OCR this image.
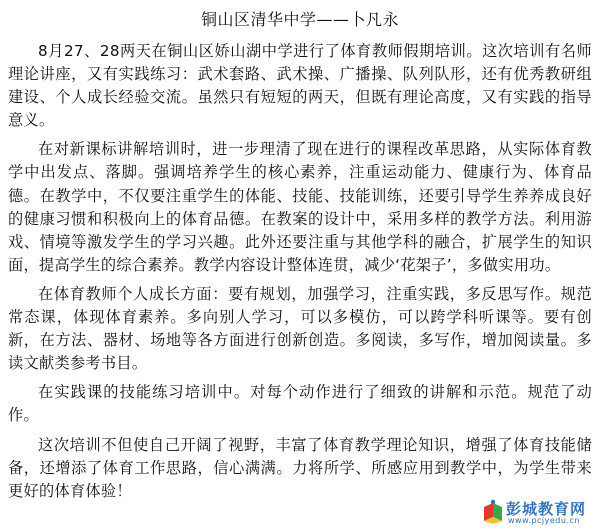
铜山区清华中学——卜凡永

8月27、28两天在铜山区娇山湖中学进行了体育教师假期培训。这次培训有名师理论讲座，又有实践练习：武术套路、武术操、广播操、队列队形，还有优秀教研组建设、个人成长经验交流。虽然只有短短的两天，但既有理论高度，又有实践的指导意义。

在对新课标讲解培训时，进一步理清了现在进行的课程改革思路，从实际体育教学中出发点、落脚。强调培养学生的核心素养，注重运动能力、健康行为、体育品德。在教学中，不仅要注重学生的体能、技能、技能训练，还要引导学生养养成良好的健康习惯和积极向上的体育品德。在教案的设计中，采用多样的教学方法。利用游戏、情境等激发学生的学习兴趣。此外还要注重与其他学科的融合，扩展学生的知识面，提高学生的综合素养。教学内容设计整体连贯，减少‘花架子’，多做实用功。

在体育教师个人成长方面：要有规划，加强学习，注重实践，多反思写作。规范常态课，体现体育素养。多向别人学习，可以多模仿，可以跨学科听课等。要有创新，在方法、器材、场地等各方面进行创新创造。多阅读，多写作，增加阅读量。多读文献类参考书目。

在实践课的技能练习培训中。对每个动作进行了细致的讲解和示范。规范了动作。

这次培训不但使自己开阔了视野，丰富了体育教学理论知识，增强了体育技能储备，还增添了体育工作思路，信心满满。力将所学、所感应用到教学中，为学生带来更好的体育体验！

彭城教育网
www.pcjyedu.cn
